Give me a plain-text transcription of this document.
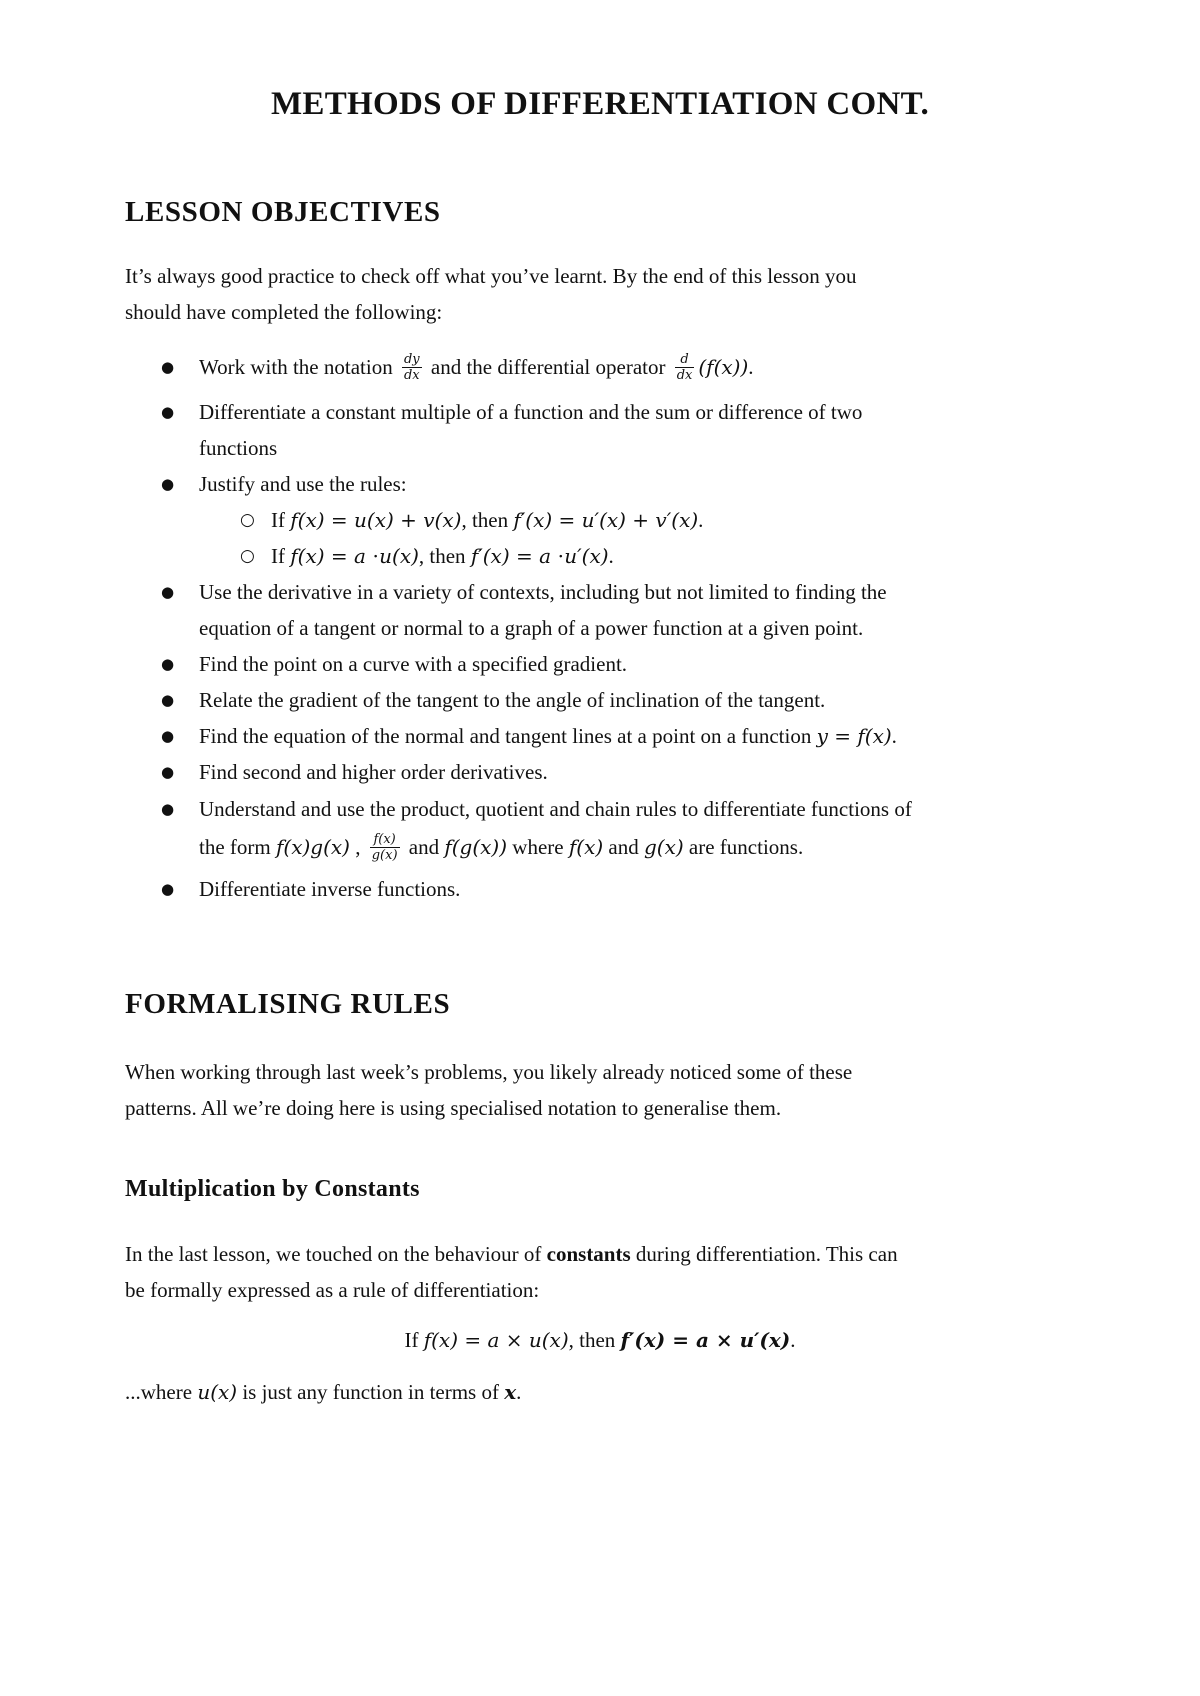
METHODS OF DIFFERENTIATION CONT.
LESSON OBJECTIVES
It’s always good practice to check off what you’ve learnt. By the end of this lesson you
should have completed the following:
● Work with the notation $\frac{dy}{dx}$ and the differential operator $\frac{d}{dx} (f(x))$.
● Differentiate a constant multiple of a function and the sum or difference of two
functions
● Justify and use the rules:
○ If f(x) = u(x) + v(x), then f′(x) = u′(x) + v′(x).
○ If f(x) = a ⋅u(x), then f′(x) = a ⋅u′(x).
● Use the derivative in a variety of contexts, including but not limited to finding the
equation of a tangent or normal to a graph of a power function at a given point.
● Find the point on a curve with a specified gradient.
● Relate the gradient of the tangent to the angle of inclination of the tangent.
● Find the equation of the normal and tangent lines at a point on a function y = f(x).
● Find second and higher order derivatives.
● Understand and use the product, quotient and chain rules to differentiate functions of
the form f(x)g(x) , $\frac{f(x)}{g(x)}$ and f(g(x)) where f(x) and g(x) are functions.
● Differentiate inverse functions.
FORMALISING RULES
When working through last week’s problems, you likely already noticed some of these
patterns. All we’re doing here is using specialised notation to generalise them.
Multiplication by Constants
In the last lesson, we touched on the behaviour of constants during differentiation. This can
be formally expressed as a rule of differentiation:
If f(x) = a × u(x), then f′(x) = a × u′(x).
...where u(x) is just any function in terms of x.
